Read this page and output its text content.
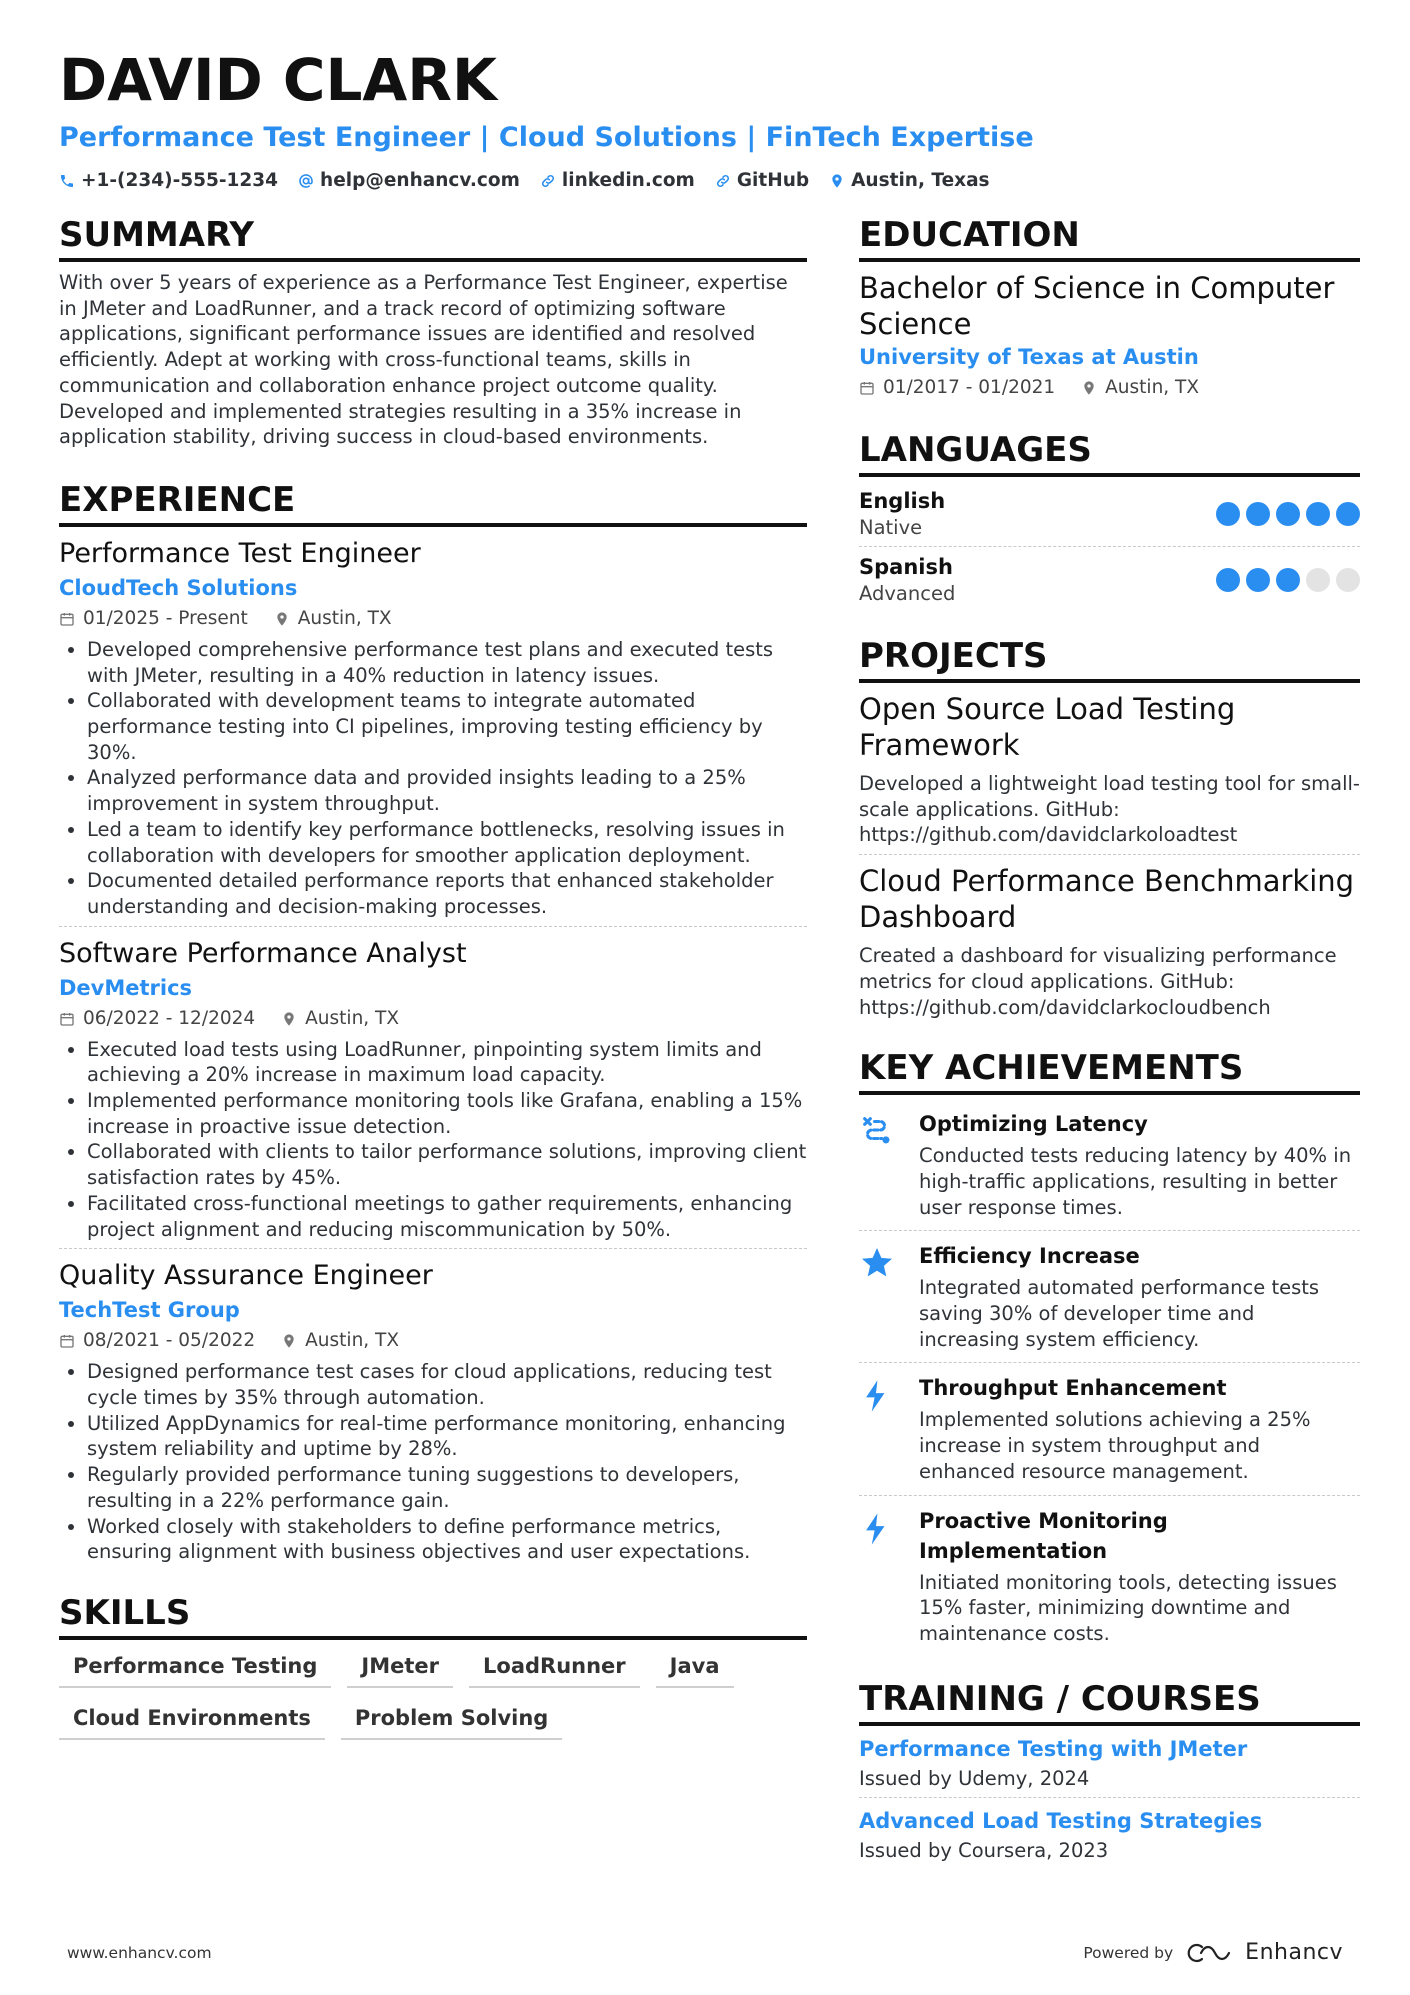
DAVID CLARK
Performance Test Engineer | Cloud Solutions | FinTech Expertise
+1-(234)-555-1234 help@enhancv.com linkedin.com GitHub Austin, Texas
SUMMARY
With over 5 years of experience as a Performance Test Engineer, expertise in JMeter and LoadRunner, and a track record of optimizing software applications, significant performance issues are identified and resolved efficiently. Adept at working with cross-functional teams, skills in communication and collaboration enhance project outcome quality. Developed and implemented strategies resulting in a 35% increase in application stability, driving success in cloud-based environments.
EXPERIENCE
Performance Test Engineer
CloudTech Solutions
01/2025 - Present	Austin, TX
• Developed comprehensive performance test plans and executed tests with JMeter, resulting in a 40% reduction in latency issues.
• Collaborated with development teams to integrate automated performance testing into CI pipelines, improving testing efficiency by 30%.
• Analyzed performance data and provided insights leading to a 25% improvement in system throughput.
• Led a team to identify key performance bottlenecks, resolving issues in collaboration with developers for smoother application deployment.
• Documented detailed performance reports that enhanced stakeholder understanding and decision-making processes.
Software Performance Analyst
DevMetrics
06/2022 - 12/2024	Austin, TX
• Executed load tests using LoadRunner, pinpointing system limits and achieving a 20% increase in maximum load capacity.
• Implemented performance monitoring tools like Grafana, enabling a 15% increase in proactive issue detection.
• Collaborated with clients to tailor performance solutions, improving client satisfaction rates by 45%.
• Facilitated cross-functional meetings to gather requirements, enhancing project alignment and reducing miscommunication by 50%.
Quality Assurance Engineer
TechTest Group
08/2021 - 05/2022	Austin, TX
• Designed performance test cases for cloud applications, reducing test cycle times by 35% through automation.
• Utilized AppDynamics for real-time performance monitoring, enhancing system reliability and uptime by 28%.
• Regularly provided performance tuning suggestions to developers, resulting in a 22% performance gain.
• Worked closely with stakeholders to define performance metrics, ensuring alignment with business objectives and user expectations.
SKILLS
Performance Testing	JMeter	LoadRunner	Java
Cloud Environments	Problem Solving
EDUCATION
Bachelor of Science in Computer Science
University of Texas at Austin
01/2017 - 01/2021	Austin, TX
LANGUAGES
English
Native
Spanish
Advanced
PROJECTS
Open Source Load Testing Framework
Developed a lightweight load testing tool for small-scale applications. GitHub: https://github.com/davidclarkoloadtest
Cloud Performance Benchmarking Dashboard
Created a dashboard for visualizing performance metrics for cloud applications. GitHub: https://github.com/davidclarkocloudbench
KEY ACHIEVEMENTS
Optimizing Latency
Conducted tests reducing latency by 40% in high-traffic applications, resulting in better user response times.
Efficiency Increase
Integrated automated performance tests saving 30% of developer time and increasing system efficiency.
Throughput Enhancement
Implemented solutions achieving a 25% increase in system throughput and enhanced resource management.
Proactive Monitoring Implementation
Initiated monitoring tools, detecting issues 15% faster, minimizing downtime and maintenance costs.
TRAINING / COURSES
Performance Testing with JMeter
Issued by Udemy, 2024
Advanced Load Testing Strategies
Issued by Coursera, 2023
www.enhancv.com	Powered by	Enhancv
